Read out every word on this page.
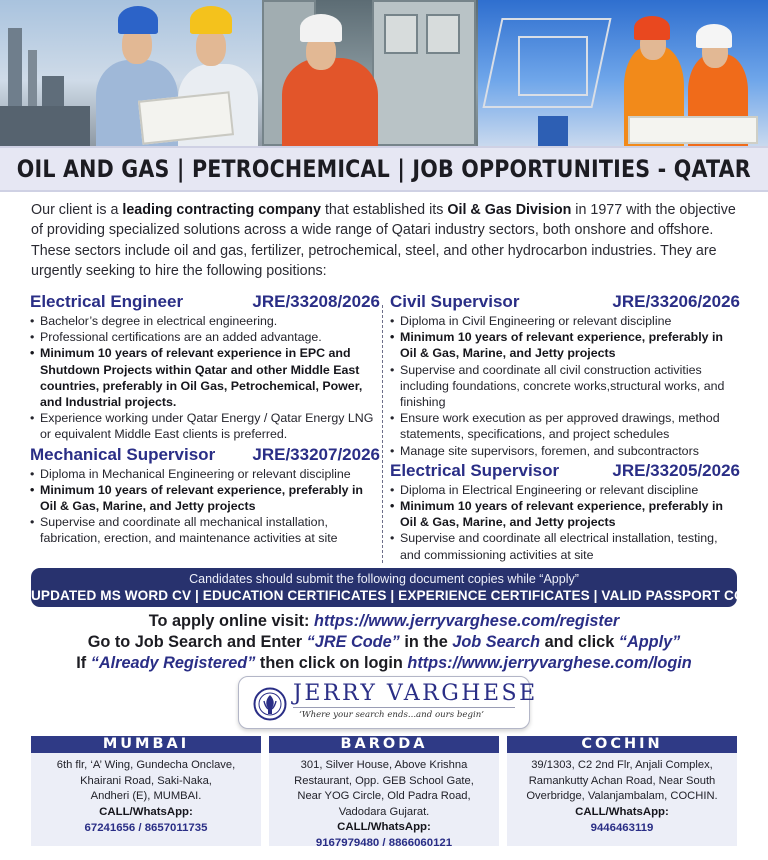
OIL AND GAS | PETROCHEMICAL | JOB OPPORTUNITIES - QATAR

Our client is a leading contracting company that established its Oil & Gas Division in 1977 with the objective of providing specialized solutions across a wide range of Qatari industry sectors, both onshore and offshore. These sectors include oil and gas, fertilizer, petrochemical, steel, and other hydrocarbon industries. They are urgently seeking to hire the following positions:

Electrical Engineer	JRE/33208/2026
• Bachelor’s degree in electrical engineering.
• Professional certifications are an added advantage.
• Minimum 10 years of relevant experience in EPC and Shutdown Projects within Qatar and other Middle East countries, preferably in Oil Gas, Petrochemical, Power, and Industrial projects.
• Experience working under Qatar Energy / Qatar Energy LNG or equivalent Middle East clients is preferred.
Mechanical Supervisor JRE/33207/2026
• Diploma in Mechanical Engineering or relevant discipline
• Minimum 10 years of relevant experience, preferably in Oil & Gas, Marine, and Jetty projects
• Supervise and coordinate all mechanical installation, fabrication, erection, and maintenance activities at site
Civil Supervisor	JRE/33206/2026
• Diploma in Civil Engineering or relevant discipline
• Minimum 10 years of relevant experience, preferably in Oil & Gas, Marine, and Jetty projects
• Supervise and coordinate all civil construction activities including foundations, concrete works,structural works, and finishing
• Ensure work execution as per approved drawings, method statements, specifications, and project schedules
• Manage site supervisors, foremen, and subcontractors
Electrical Supervisor	JRE/33205/2026
• Diploma in Electrical Engineering or relevant discipline
• Minimum 10 years of relevant experience, preferably in Oil & Gas, Marine, and Jetty projects
• Supervise and coordinate all electrical installation, testing, and commissioning activities at site
Candidates should submit the following document copies while “Apply”
UPDATED MS WORD CV | EDUCATION CERTIFICATES | EXPERIENCE CERTIFICATES | VALID PASSPORT COPY
To apply online visit: https://www.jerryvarghese.com/register
Go to Job Search and Enter “JRE Code” in the Job Search and click “Apply”
If “Already Registered” then click on login https://www.jerryvarghese.com/login
JERRY VARGHESE
‘Where your search ends...and ours begin’
MUMBAI
6th flr, ‘A’ Wing, Gundecha Onclave,
Khairani Road, Saki-Naka,
Andheri (E), MUMBAI.
CALL/WhatsApp:
67241656 / 8657011735
BARODA
301, Silver House, Above Krishna
Restaurant, Opp. GEB School Gate,
Near YOG Circle, Old Padra Road,
Vadodara Gujarat.
CALL/WhatsApp:
9167979480 / 8866060121
COCHIN
39/1303, C2 2nd Flr, Anjali Complex,
Ramankutty Achan Road, Near South
Overbridge, Valanjambalam, COCHIN.
CALL/WhatsApp:
9446463119
